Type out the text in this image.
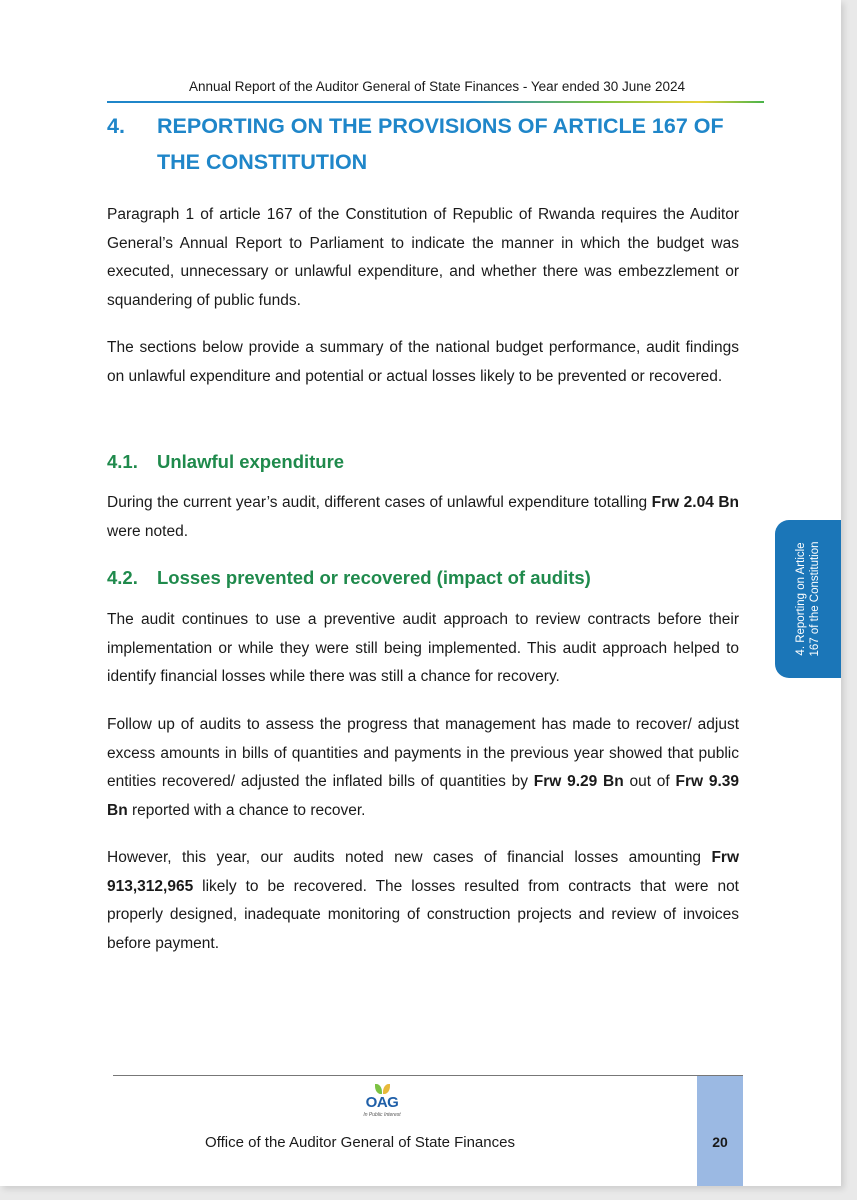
Annual Report of the Auditor General of State Finances - Year ended 30 June 2024
4. REPORTING ON THE PROVISIONS OF ARTICLE 167 OF
THE CONSTITUTION

Paragraph 1 of article 167 of the Constitution of Republic of Rwanda requires the Auditor General’s Annual Report to Parliament to indicate the manner in which the budget was executed, unnecessary or unlawful expenditure, and whether there was embezzlement or squandering of public funds.

The sections below provide a summary of the national budget performance, audit findings on unlawful expenditure and potential or actual losses likely to be prevented or recovered.

4.1. Unlawful expenditure

During the current year’s audit, different cases of unlawful expenditure totalling Frw 2.04 Bn were noted.

4.2. Losses prevented or recovered (impact of audits)

The audit continues to use a preventive audit approach to review contracts before their implementation or while they were still being implemented. This audit approach helped to identify financial losses while there was still a chance for recovery.

Follow up of audits to assess the progress that management has made to recover/ adjust excess amounts in bills of quantities and payments in the previous year showed that public entities recovered/ adjusted the inflated bills of quantities by Frw 9.29 Bn out of Frw 9.39 Bn reported with a chance to recover.

However, this year, our audits noted new cases of financial losses amounting Frw 913,312,965 likely to be recovered. The losses resulted from contracts that were not properly designed, inadequate monitoring of construction projects and review of invoices before payment.

4. Reporting on Article 167 of the Constitution
20
OAG
In Public Interest
Office of the Auditor General of State Finances
